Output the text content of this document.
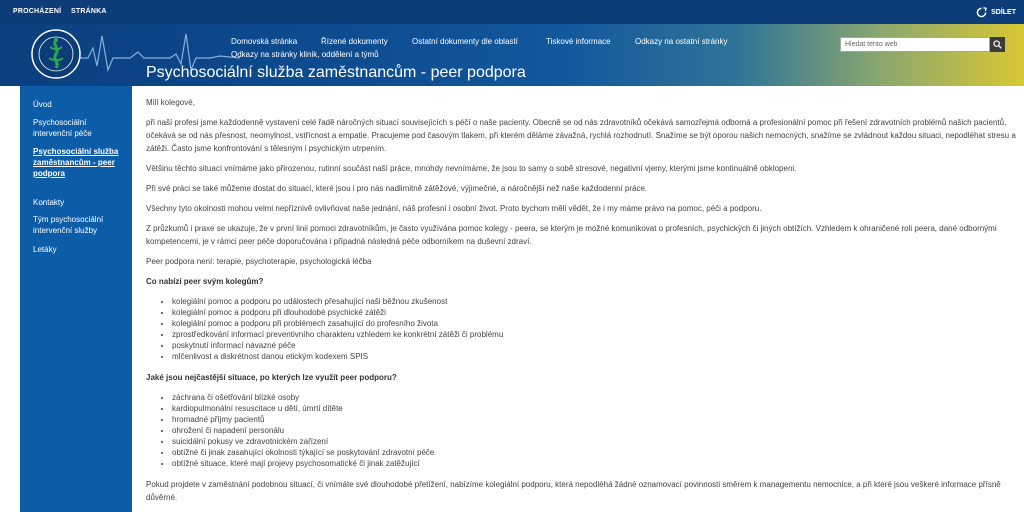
PROCHÁZENÍ STRÁNKA	SDÍLET
Domovská stránka	Řízené dokumenty	Ostatní dokumenty dle oblastí	Tiskové informace	Odkazy na ostatní stránky
Odkazy na stránky klinik, oddělení a týmů
Hledat tento web
Psychosociální služba zaměstnancům - peer podpora
Úvod
Psychosociální intervenční péče
Psychosociální služba zaměstnancům - peer podpora
Kontakty
Tým psychosociální intervenční služby
Letáky

Milí kolegové,

při naší profesi jsme každodenně vystavení celé řadě náročných situací souvisejících s péčí o naše pacienty. Obecně se od nás zdravotníků očekává samozřejmá odborná a profesionální pomoc při řešení zdravotních problémů našich pacientů, očekává se od nás přesnost, neomylnost, vstřícnost a empatie. Pracujeme pod časovým tlakem, při kterém děláme závažná, rychlá rozhodnutí. Snažíme se být oporou našich nemocných, snažíme se zvládnout každou situaci, nepodléhat stresu a zátěži. Často jsme konfrontování s tělesným i psychickým utrpením.

Většinu těchto situací vnímáme jako přirozenou, rutinní součást naší práce, mnohdy nevnímáme, že jsou to samy o sobě stresové, negativní vjemy, kterými jsme kontinuálně obklopeni.

Při své práci se také můžeme dostat do situací, které jsou i pro nás nadlimitně zátěžové, výjimečné, a náročnější než naše každodenní práce.

Všechny tyto okolnosti mohou velmi nepříznivě ovlivňovat naše jednání, náš profesní i osobní život. Proto bychom měli vědět, že i my máme právo na pomoc, péči a podporu.

Z průzkumů i praxe se ukazuje, že v první linii pomoci zdravotníkům, je často využívána pomoc kolegy - peera, se kterým je možné komunikovat o profesních, psychických či jiných obtížích. Vzhledem k ohraničené roli peera, dané odbornými kompetencemi, je v rámci peer péče doporučována i případná následná péče odborníkem na duševní zdraví.

Peer podpora není: terapie, psychoterapie, psychologická léčba

Co nabízí peer svým kolegům?
• kolegiální pomoc a podporu po událostech přesahující naši běžnou zkušenost
• kolegiální pomoc a podporu při dlouhodobé psychické zátěži
• kolegiální pomoc a podporu při problémech zasahující do profesního života
• zprostředkování informací preventivního charakteru vzhledem ke konkrétní zátěži či problému
• poskytnutí informací návazné péče
• mlčenlivost a diskrétnost danou etickým kodexem SPIS
Jaké jsou nejčastější situace, po kterých lze využít peer podporu?
• záchrana či ošetřování blízké osoby
• kardiopulmonální resuscitace u dětí, úmrtí dítěte
• hromadné příjmy pacientů
• ohrožení či napadení personálu
• suicidální pokusy ve zdravotnickém zařízení
• obtížné či jinak zasahující okolnosti týkající se poskytování zdravotní péče
• obtížné situace, které mají projevy psychosomatické či jinak zatěžující

Pokud projdete v zaměstnání podobnou situací, či vnímáte své dlouhodobé přetížení, nabízíme kolegiální podporu, která nepodléhá žádné oznamovací povinnosti směrem k managementu nemocnice, a při které jsou veškeré informace přísně důvěrné.
